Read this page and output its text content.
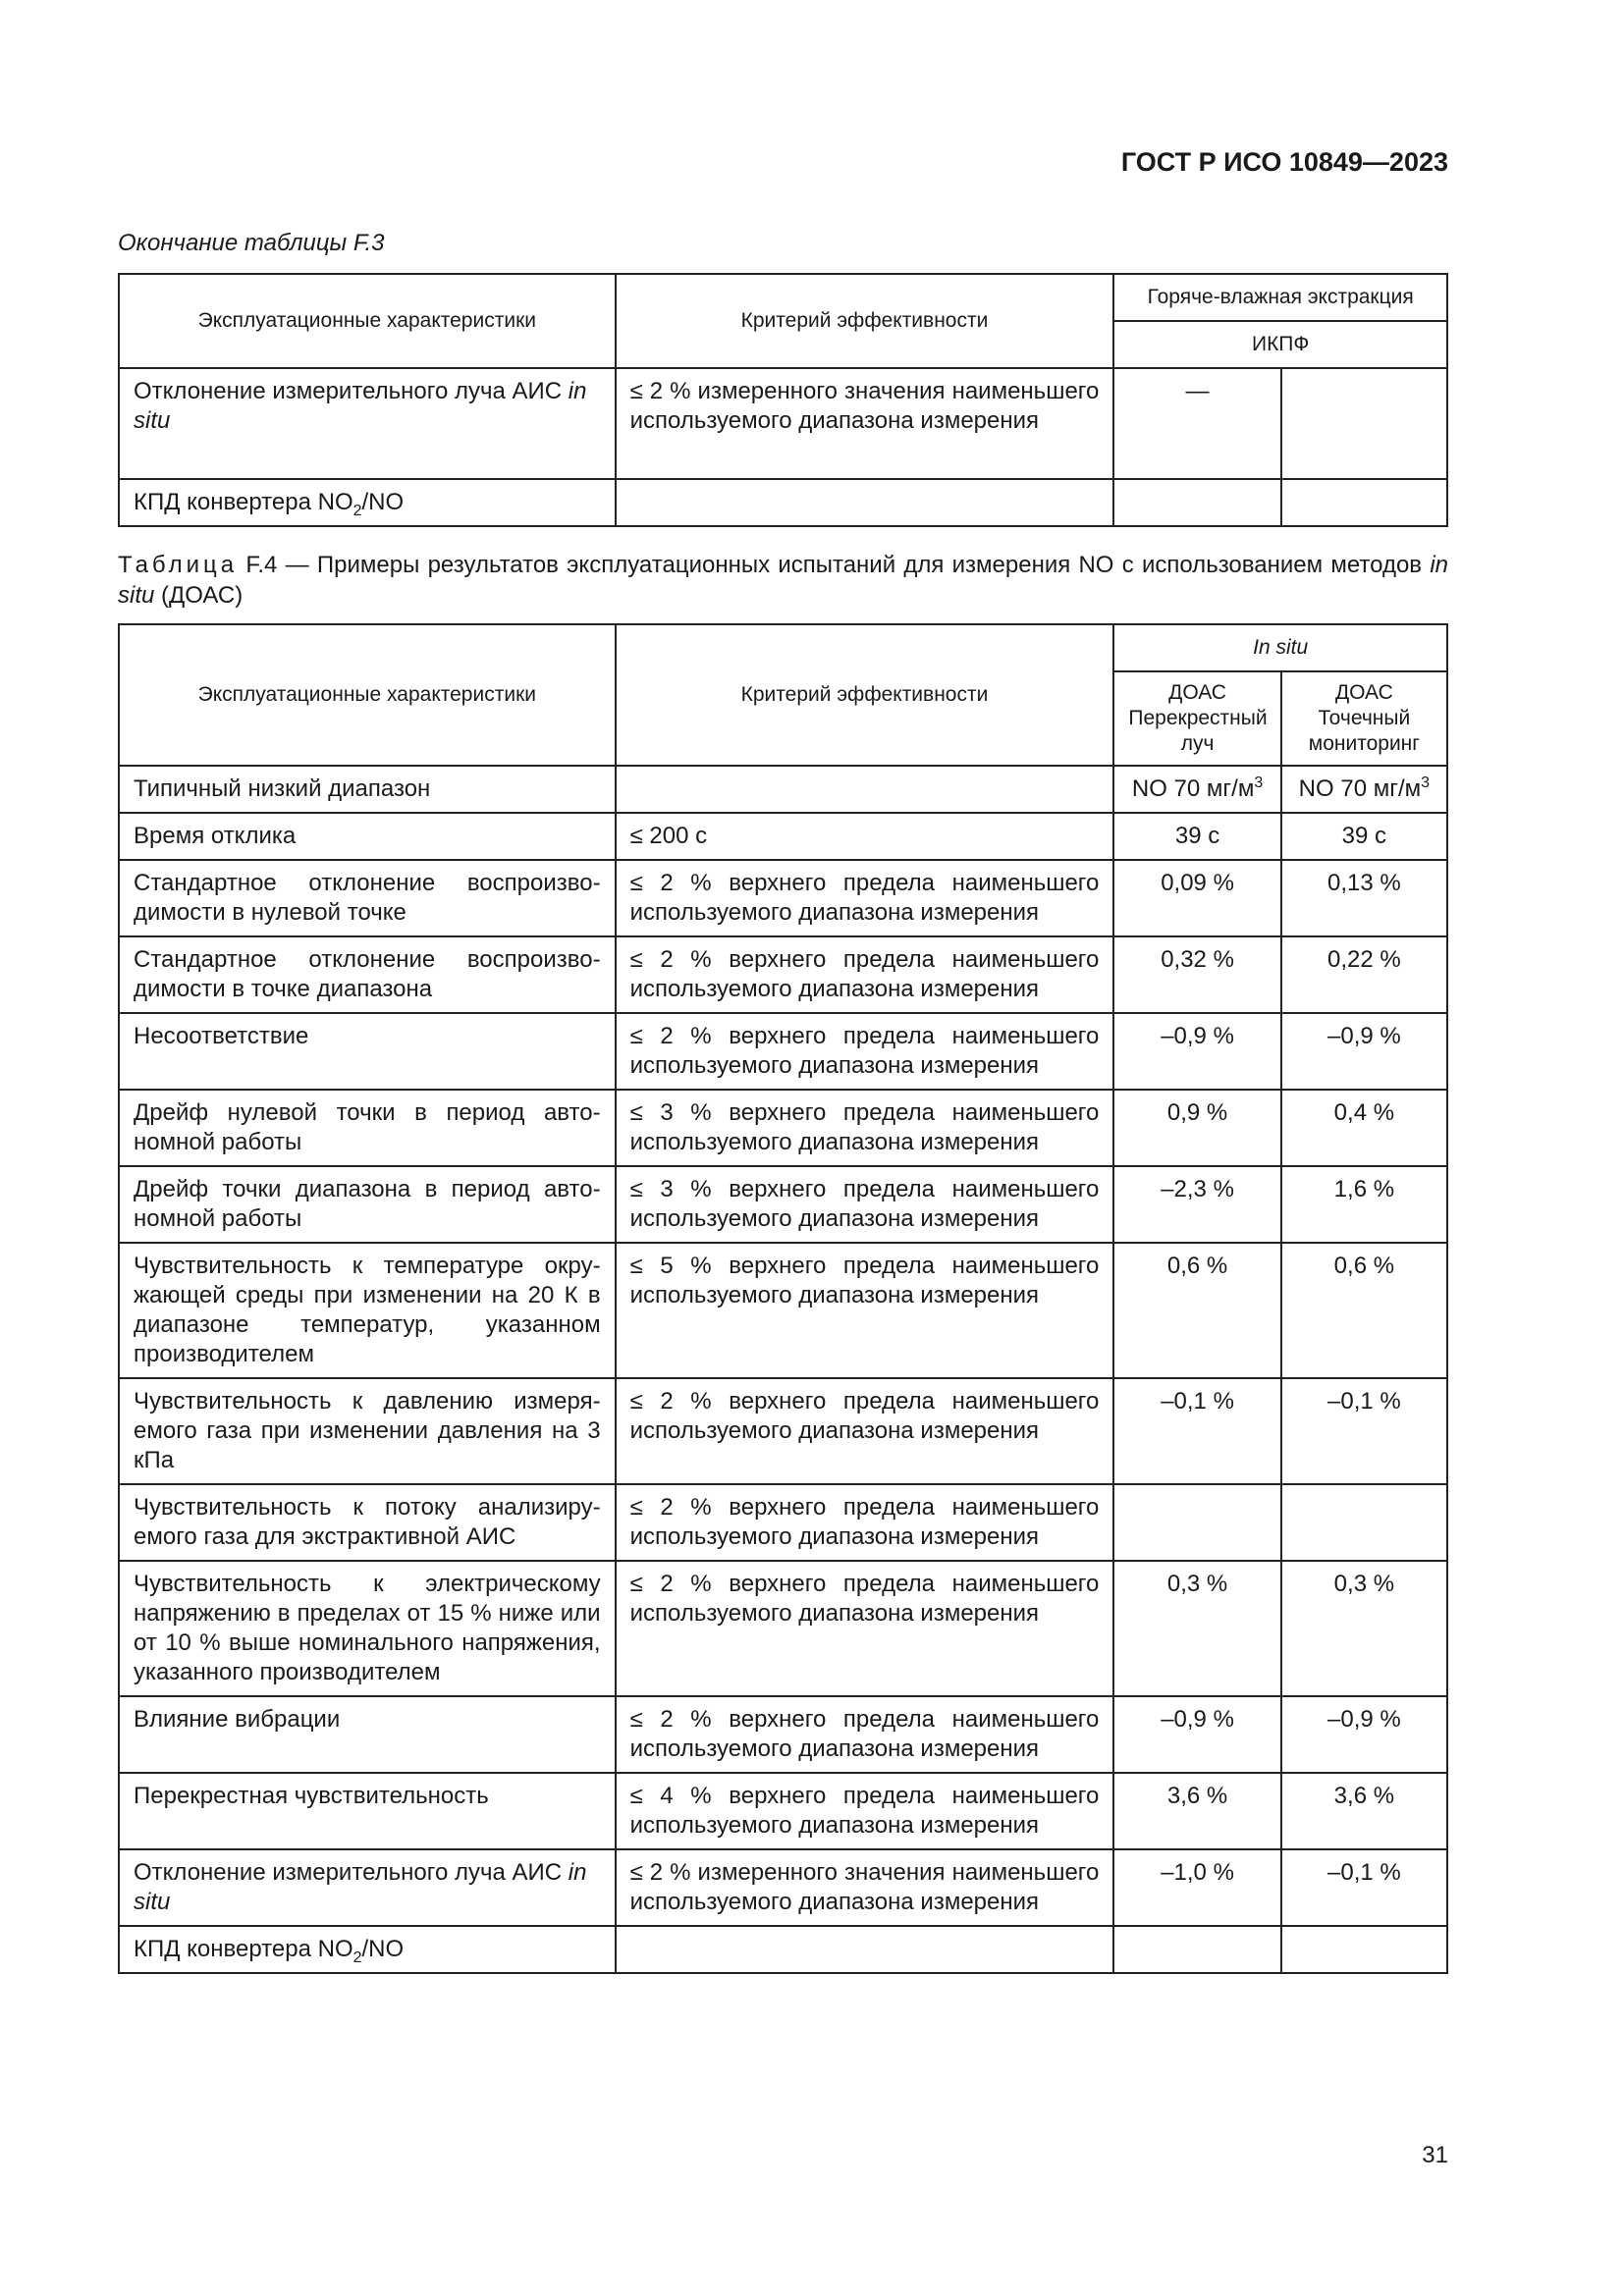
ГОСТ Р ИСО 10849—2023
Окончание таблицы F.3
Эксплуатационные характеристики	Критерий эффективности	Горяче-влажная экстракция	
		ИКПФ	
Отклонение измерительного луча АИС in situ	≤ 2 % измеренного значения наименьшего используемого диапазона измерения	—	
КПД конвертера $NO_2/NO$			
Таблица F.4 — Примеры результатов эксплуатационных испытаний для измерения NO с использованием методов in situ (ДОАС)
Эксплуатационные характеристики	Критерий эффективности	In situ	
		ДОАС Перекрестный луч	ДОАС Точечный мониторинг
Типичный низкий диапазон		NO 70 $мг/м^3$	NO 70 $мг/м^3$
Время отклика	≤ 200 с	39 с	39 с
Стандартное отклонение воспроизводимости в нулевой точке	≤ 2 % верхнего предела наименьшего используемого диапазона измерения	0,09 %	0,13 %
Стандартное отклонение воспроизводимости в точке диапазона	≤ 2 % верхнего предела наименьшего используемого диапазона измерения	0,32 %	0,22 %
Несоответствие	≤ 2 % верхнего предела наименьшего используемого диапазона измерения	–0,9 %	–0,9 %
Дрейф нулевой точки в период автономной работы	≤ 3 % верхнего предела наименьшего используемого диапазона измерения	0,9 %	0,4 %
Дрейф точки диапазона в период автономной работы	≤ 3 % верхнего предела наименьшего используемого диапазона измерения	–2,3 %	1,6 %
Чувствительность к температуре окружающей среды при изменении на 20 К в диапазоне температур, указанном производителем	≤ 5 % верхнего предела наименьшего используемого диапазона измерения	0,6 %	0,6 %
Чувствительность к давлению измеряемого газа при изменении давления на 3 кПа	≤ 2 % верхнего предела наименьшего используемого диапазона измерения	–0,1 %	–0,1 %
Чувствительность к потоку анализируемого газа для экстрактивной АИС	≤ 2 % верхнего предела наименьшего используемого диапазона измерения		
Чувствительность к электрическому напряжению в пределах от 15 % ниже или от 10 % выше номинального напряжения, указанного производителем	≤ 2 % верхнего предела наименьшего используемого диапазона измерения	0,3 %	0,3 %
Влияние вибрации	≤ 2 % верхнего предела наименьшего используемого диапазона измерения	–0,9 %	–0,9 %
Перекрестная чувствительность	≤ 4 % верхнего предела наименьшего используемого диапазона измерения	3,6 %	3,6 %
Отклонение измерительного луча АИС in situ	≤ 2 % измеренного значения наименьшего используемого диапазона измерения	–1,0 %	–0,1 %
КПД конвертера $NO_2/NO$			
31
